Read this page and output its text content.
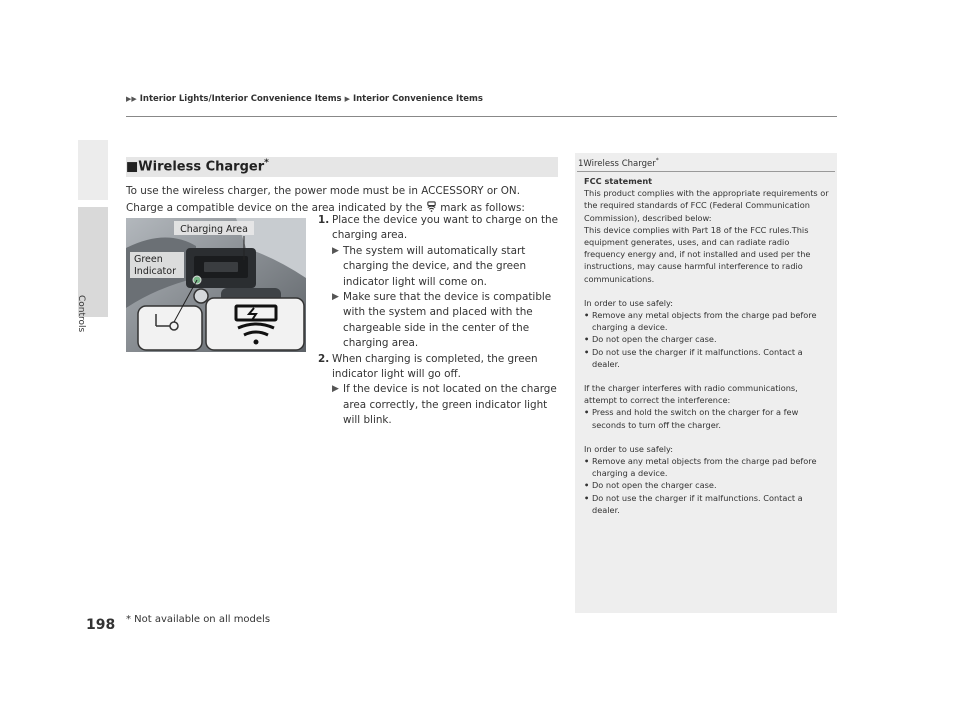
Controls
198
▶▶ Interior Lights/Interior Convenience Items ▶ Interior Convenience Items
■Wireless Charger*
To use the wireless charger, the power mode must be in ACCESSORY or ON.
Charge a compatible device on the area indicated by the mark as follows:
Charging Area
Green
Indicator
1. Place the device you want to charge on the charging area.
▶ The system will automatically start charging the device, and the green indicator light will come on.
▶ Make sure that the device is compatible with the system and placed with the chargeable side in the center of the charging area.
2. When charging is completed, the green indicator light will go off.
▶ If the device is not located on the charge area correctly, the green indicator light will blink.
1Wireless Charger*

FCC statement

This product complies with the appropriate requirements or the required standards of FCC (Federal Communication Commission), described below:

This device complies with Part 18 of the FCC rules.This equipment generates, uses, and can radiate radio frequency energy and, if not installed and used per the instructions, may cause harmful interference to radio communications.

In order to use safely:

• Remove any metal objects from the charge pad before charging a device.

• Do not open the charger case.

• Do not use the charger if it malfunctions. Contact a dealer.

If the charger interferes with radio communications, attempt to correct the interference:

• Press and hold the switch on the charger for a few seconds to turn off the charger.

In order to use safely:

• Remove any metal objects from the charge pad before charging a device.

• Do not open the charger case.

• Do not use the charger if it malfunctions. Contact a dealer.

* Not available on all models
